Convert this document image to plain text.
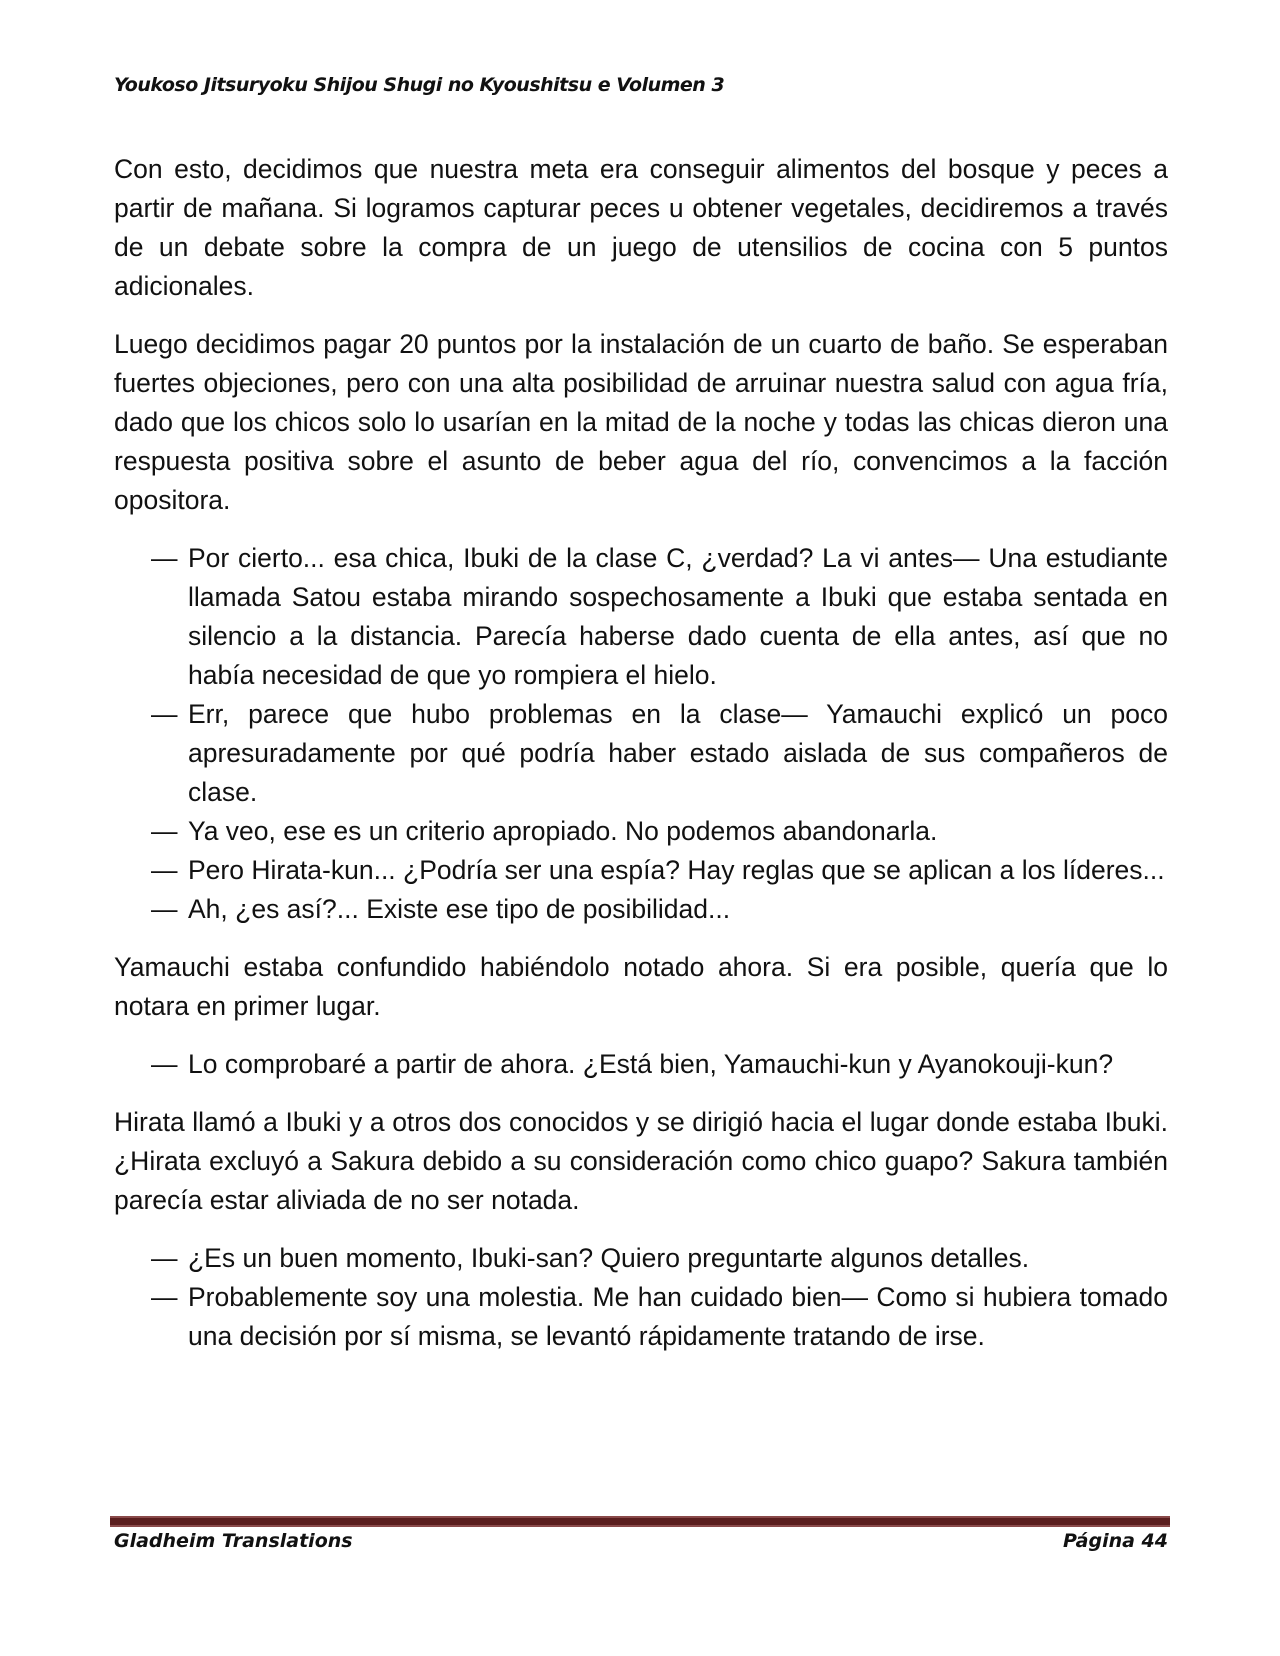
Youkoso Jitsuryoku Shijou Shugi no Kyoushitsu e Volumen 3

Con esto, decidimos que nuestra meta era conseguir alimentos del bosque y peces a partir de mañana. Si logramos capturar peces u obtener vegetales, decidiremos a través de un debate sobre la compra de un juego de utensilios de cocina con 5 puntos adicionales.

Luego decidimos pagar 20 puntos por la instalación de un cuarto de baño. Se esperaban fuertes objeciones, pero con una alta posibilidad de arruinar nuestra salud con agua fría, dado que los chicos solo lo usarían en la mitad de la noche y todas las chicas dieron una respuesta positiva sobre el asunto de beber agua del río, convencimos a la facción opositora.

— Por cierto... esa chica, Ibuki de la clase C, ¿verdad? La vi antes— Una estudiante llamada Satou estaba mirando sospechosamente a Ibuki que estaba sentada en silencio a la distancia. Parecía haberse dado cuenta de ella antes, así que no había necesidad de que yo rompiera el hielo.
— Err, parece que hubo problemas en la clase— Yamauchi explicó un poco apresuradamente por qué podría haber estado aislada de sus compañeros de clase.
— Ya veo, ese es un criterio apropiado. No podemos abandonarla.
— Pero Hirata-kun... ¿Podría ser una espía? Hay reglas que se aplican a los líderes...
— Ah, ¿es así?... Existe ese tipo de posibilidad...

Yamauchi estaba confundido habiéndolo notado ahora. Si era posible, quería que lo notara en primer lugar.

— Lo comprobaré a partir de ahora. ¿Está bien, Yamauchi-kun y Ayanokouji-kun?

Hirata llamó a Ibuki y a otros dos conocidos y se dirigió hacia el lugar donde estaba Ibuki. ¿Hirata excluyó a Sakura debido a su consideración como chico guapo? Sakura también parecía estar aliviada de no ser notada.

— ¿Es un buen momento, Ibuki-san? Quiero preguntarte algunos detalles.
— Probablemente soy una molestia. Me han cuidado bien— Como si hubiera tomado una decisión por sí misma, se levantó rápidamente tratando de irse.
Gladheim Translations	Página 44
